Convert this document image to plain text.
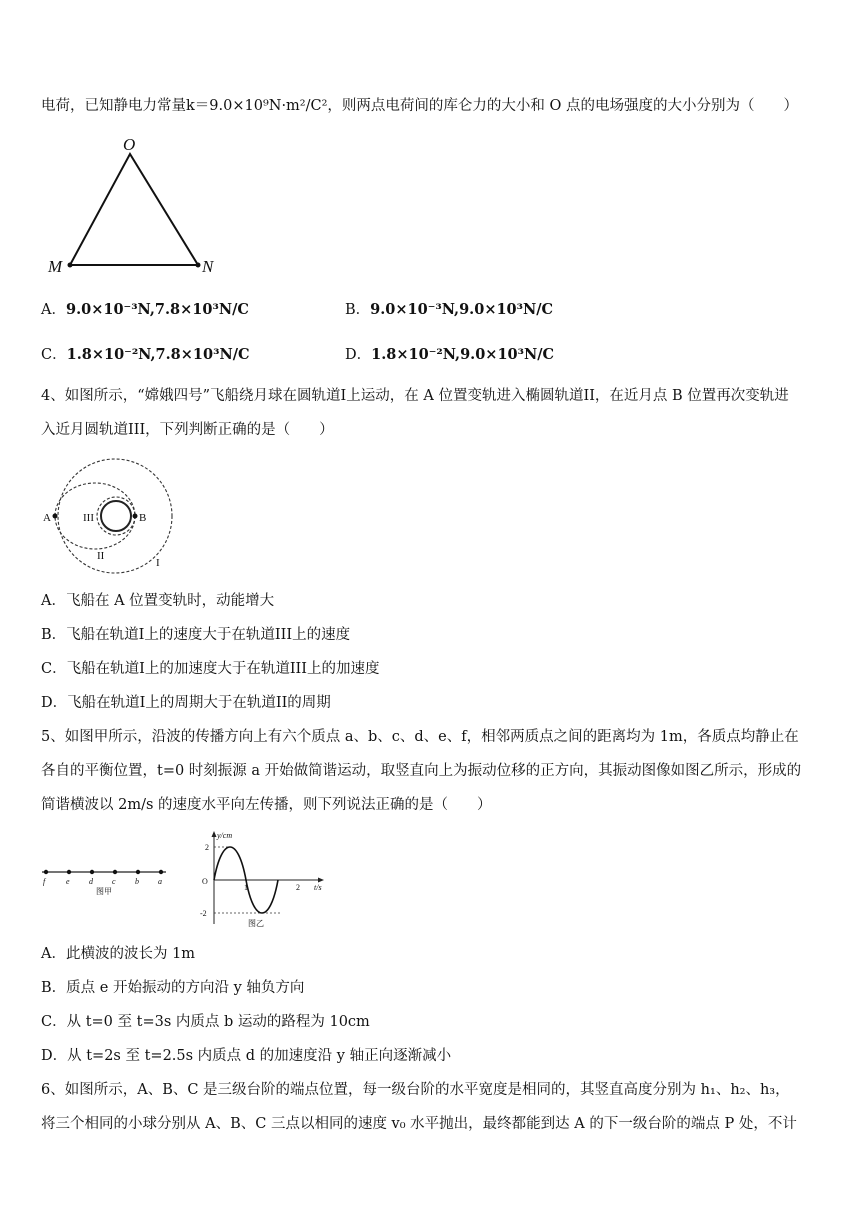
电荷，已知静电力常量k＝9.0×10⁹N·m²/C²，则两点电荷间的库仑力的大小和 O 点的电场强度的大小分别为（　　）
O
M	N
A．9.0×10⁻³N,7.8×10³N/C	B．9.0×10⁻³N,9.0×10³N/C
C．1.8×10⁻²N,7.8×10³N/C	D．1.8×10⁻²N,9.0×10³N/C
4、如图所示，“嫦娥四号”飞船绕月球在圆轨道I上运动，在 A 位置变轨进入椭圆轨道II，在近月点 B 位置再次变轨进
入近月圆轨道III，下列判断正确的是（　　）
A	B
III
II
I
A．飞船在 A 位置变轨时，动能增大
B．飞船在轨道I上的速度大于在轨道III上的速度
C．飞船在轨道I上的加速度大于在轨道III上的加速度
D．飞船在轨道I上的周期大于在轨道II的周期
5、如图甲所示，沿波的传播方向上有六个质点 a、b、c、d、e、f，相邻两质点之间的距离均为 1m，各质点均静止在
各自的平衡位置，t=0 时刻振源 a 开始做简谐运动，取竖直向上为振动位移的正方向，其振动图像如图乙所示，形成的
简谐横波以 2m/s 的速度水平向左传播，则下列说法正确的是（　　）
f	e d c b a
图甲
y/cm
t/s
O
2
-2
1	2
图乙
A．此横波的波长为 1m
B．质点 e 开始振动的方向沿 y 轴负方向
C．从 t=0 至 t=3s 内质点 b 运动的路程为 10cm
D．从 t=2s 至 t=2.5s 内质点 d 的加速度沿 y 轴正向逐渐减小
6、如图所示，A、B、C 是三级台阶的端点位置，每一级台阶的水平宽度是相同的，其竖直高度分别为 h₁、h₂、h₃，
将三个相同的小球分别从 A、B、C 三点以相同的速度 v₀ 水平抛出，最终都能到达 A 的下一级台阶的端点 P 处，不计
